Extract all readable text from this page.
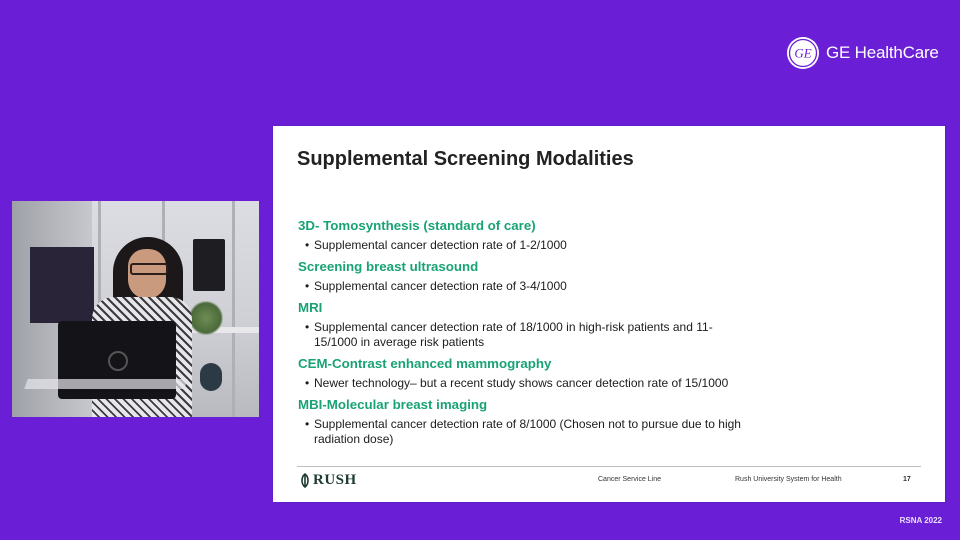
GE GE HealthCare
Supplemental Screening Modalities
3D- Tomosynthesis (standard of care)
• Supplemental cancer detection rate of 1-2/1000
Screening breast ultrasound
• Supplemental cancer detection rate of 3-4/1000
MRI
• Supplemental cancer detection rate of 18/1000 in high-risk patients and 11-15/1000 in average risk patients
CEM-Contrast enhanced mammography
• Newer technology– but a recent study shows cancer detection rate of 15/1000
MBI-Molecular breast imaging
• Supplemental cancer detection rate of 8/1000 (Chosen not to pursue due to high radiation dose)
RUSH	Cancer Service Line	Rush University System for Health	17
RSNA 2022
